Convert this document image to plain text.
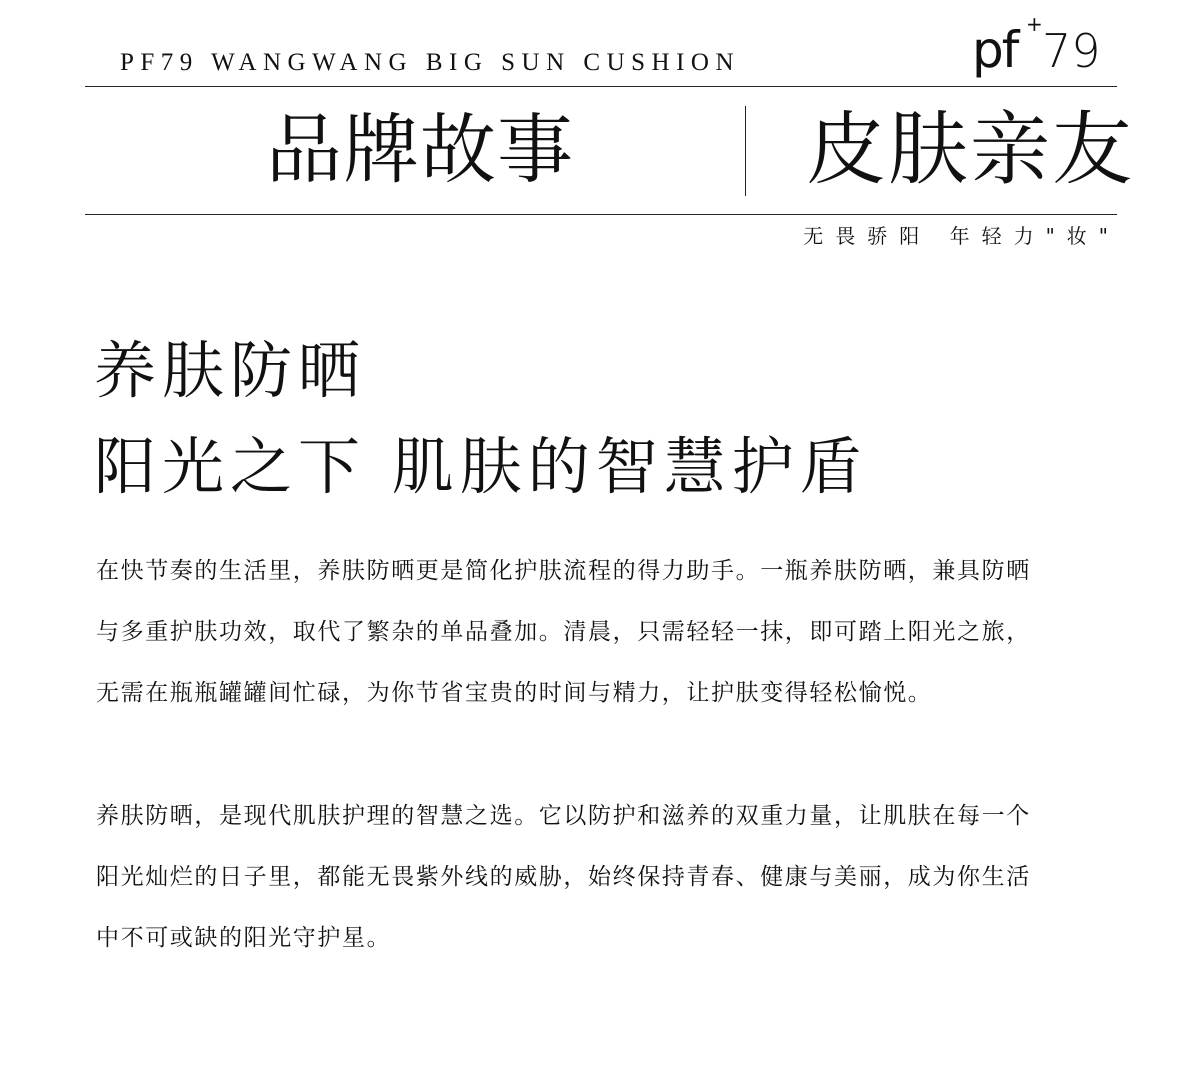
PF79 WANGWANG BIG SUN CUSHION	pf + 79
品牌故事	皮肤亲友
无畏骄阳 年轻力"妆"
养肤防晒
阳光之下 肌肤的智慧护盾
在快节奏的生活里，养肤防晒更是简化护肤流程的得力助手。一瓶养肤防晒，兼具防晒
与多重护肤功效，取代了繁杂的单品叠加。清晨，只需轻轻一抹，即可踏上阳光之旅，
无需在瓶瓶罐罐间忙碌，为你节省宝贵的时间与精力，让护肤变得轻松愉悦。
养肤防晒，是现代肌肤护理的智慧之选。它以防护和滋养的双重力量，让肌肤在每一个
阳光灿烂的日子里，都能无畏紫外线的威胁，始终保持青春、健康与美丽，成为你生活
中不可或缺的阳光守护星。
